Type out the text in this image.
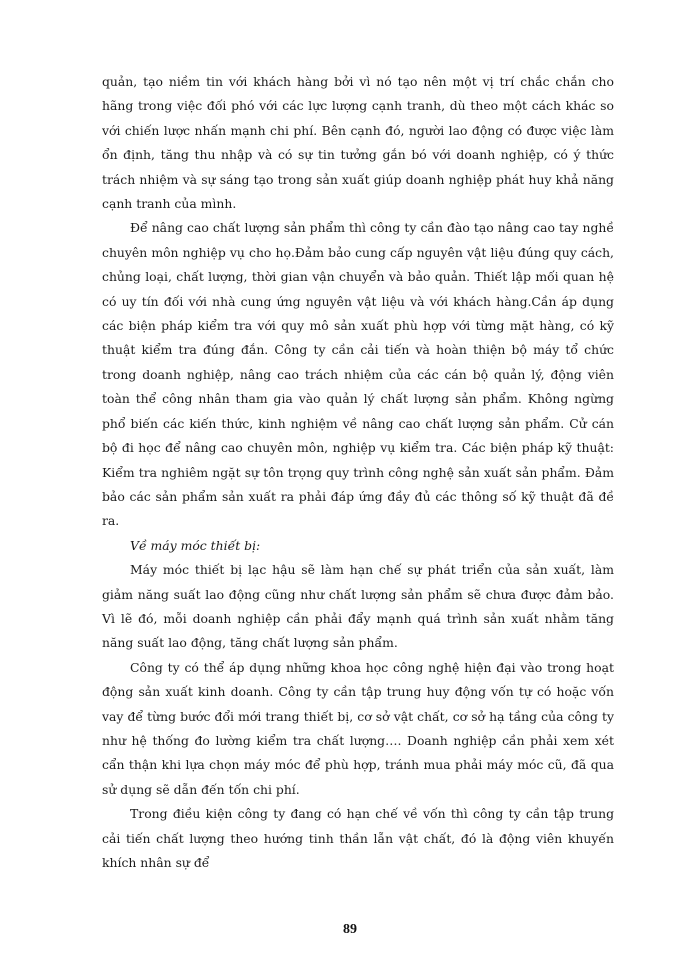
quản, tạo niềm tin với khách hàng bởi vì nó tạo nên một vị trí chắc chắn cho hãng trong việc đối phó với các lực lượng cạnh tranh, dù theo một cách khác so với chiến lược nhấn mạnh chi phí. Bên cạnh đó, người lao động có được việc làm ổn định, tăng thu nhập và có sự tin tưởng gắn bó với doanh nghiệp, có ý thức trách nhiệm và sự sáng tạo trong sản xuất giúp doanh nghiệp phát huy khả năng cạnh tranh của mình.

Để nâng cao chất lượng sản phẩm thì công ty cần đào tạo nâng cao tay nghề chuyên môn nghiệp vụ cho họ.Đảm bảo cung cấp nguyên vật liệu đúng quy cách, chủng loại, chất lượng, thời gian vận chuyển và bảo quản. Thiết lập mối quan hệ có uy tín đối với nhà cung ứng nguyên vật liệu và với khách hàng.Cần áp dụng các biện pháp kiểm tra với quy mô sản xuất phù hợp với từng mặt hàng, có kỹ thuật kiểm tra đúng đắn. Công ty cần cải tiến và hoàn thiện bộ máy tổ chức trong doanh nghiệp, nâng cao trách nhiệm của các cán bộ quản lý, động viên toàn thể công nhân tham gia vào quản lý chất lượng sản phẩm. Không ngừng phổ biến các kiến thức, kinh nghiệm về nâng cao chất lượng sản phẩm. Cử cán bộ đi học để nâng cao chuyên môn, nghiệp vụ kiểm tra. Các biện pháp kỹ thuật: Kiểm tra nghiêm ngặt sự tôn trọng quy trình công nghệ sản xuất sản phẩm. Đảm bảo các sản phẩm sản xuất ra phải đáp ứng đầy đủ các thông số kỹ thuật đã đề ra.

Về máy móc thiết bị:

Máy móc thiết bị lạc hậu sẽ làm hạn chế sự phát triển của sản xuất, làm giảm năng suất lao động cũng như chất lượng sản phẩm sẽ chưa được đảm bảo. Vì lẽ đó, mỗi doanh nghiệp cần phải đẩy mạnh quá trình sản xuất nhằm tăng năng suất lao động, tăng chất lượng sản phẩm.

Công ty có thể áp dụng những khoa học công nghệ hiện đại vào trong hoạt động sản xuất kinh doanh. Công ty cần tập trung huy động vốn tự có hoặc vốn vay để từng bước đổi mới trang thiết bị, cơ sở vật chất, cơ sở hạ tầng của công ty như hệ thống đo lường kiểm tra chất lượng…. Doanh nghiệp cần phải xem xét cẩn thận khi lựa chọn máy móc để phù hợp, tránh mua phải máy móc cũ, đã qua sử dụng sẽ dẫn đến tốn chi phí.

Trong điều kiện công ty đang có hạn chế về vốn thì công ty cần tập trung cải tiến chất lượng theo hướng tinh thần lẫn vật chất, đó là động viên khuyến khích nhân sự để

89
